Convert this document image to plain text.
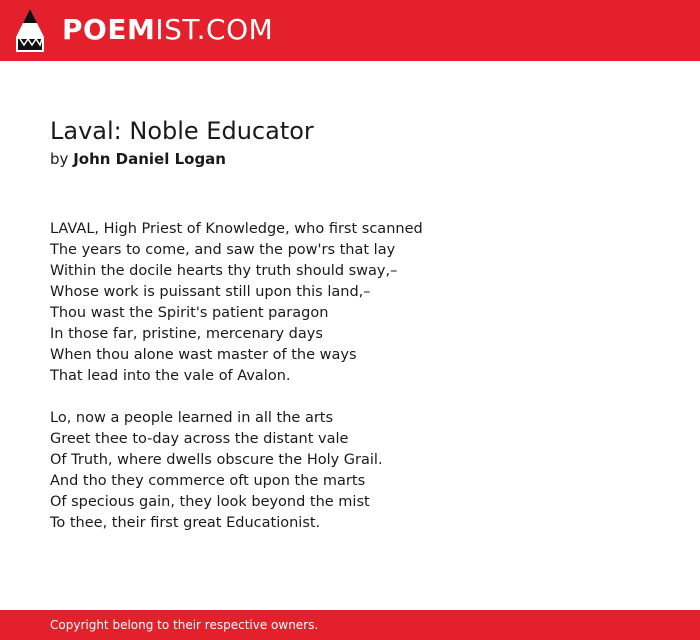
POEMIST.COM
Laval: Noble Educator
by John Daniel Logan
LAVAL, High Priest of Knowledge, who first scanned
The years to come, and saw the pow'rs that lay
Within the docile hearts thy truth should sway,–
Whose work is puissant still upon this land,–
Thou wast the Spirit's patient paragon
In those far, pristine, mercenary days
When thou alone wast master of the ways
That lead into the vale of Avalon.
Lo, now a people learned in all the arts
Greet thee to-day across the distant vale
Of Truth, where dwells obscure the Holy Grail.
And tho they commerce oft upon the marts
Of specious gain, they look beyond the mist
To thee, their first great Educationist.
Copyright belong to their respective owners.
